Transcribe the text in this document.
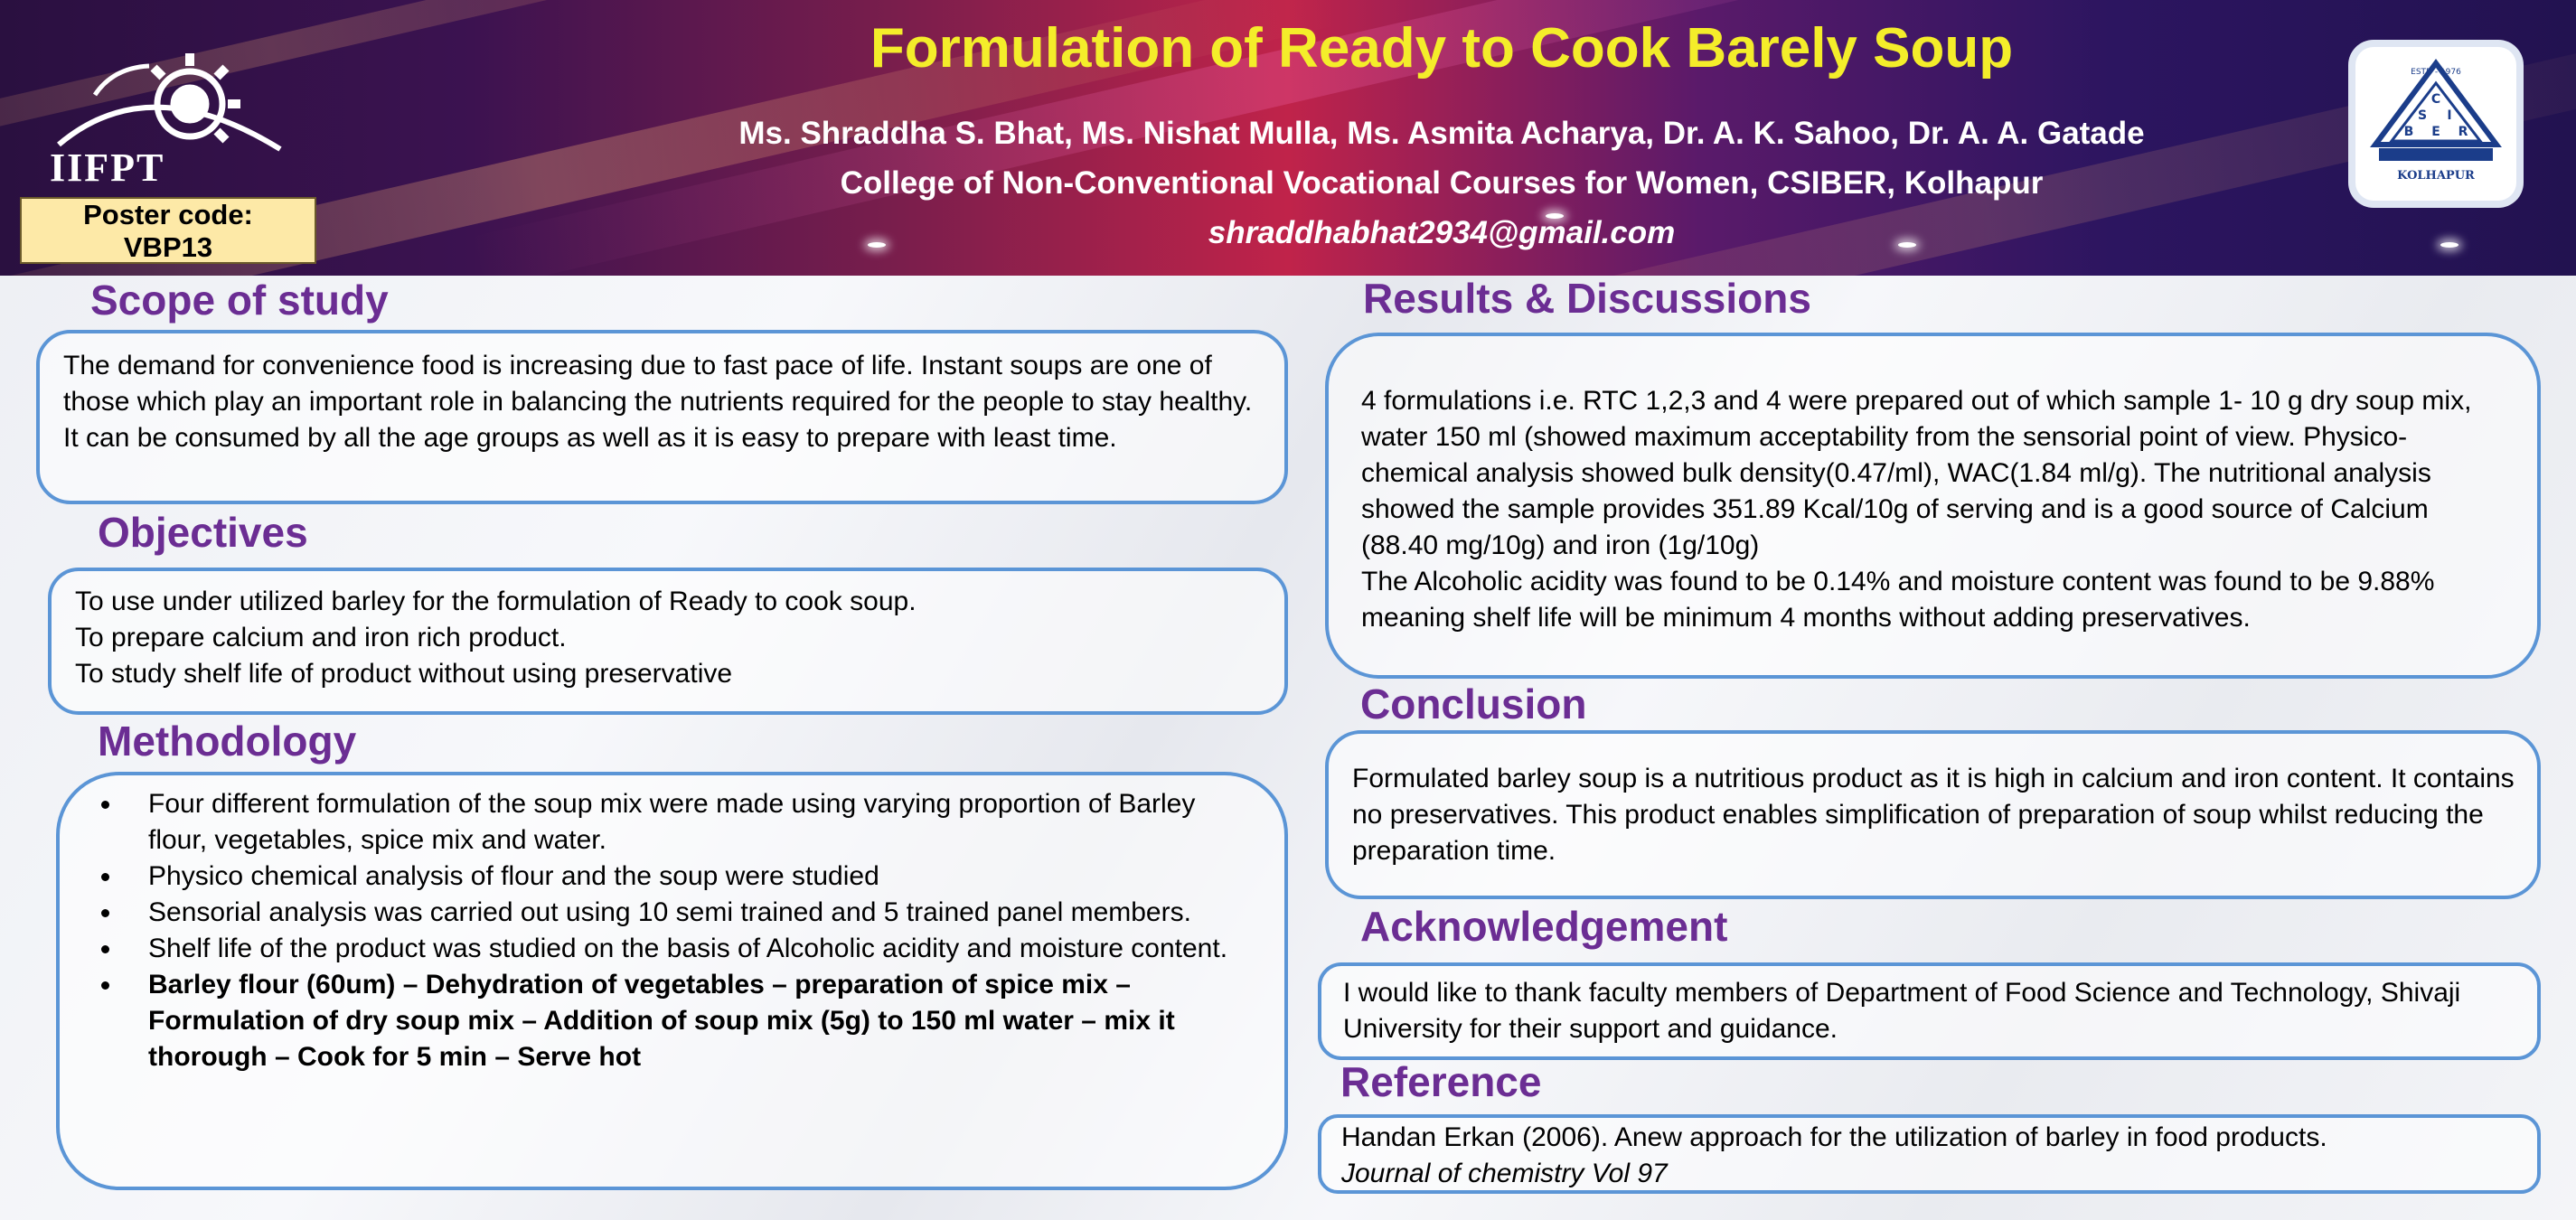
Formulation of Ready to Cook Barely Soup
Ms. Shraddha S. Bhat, Ms. Nishat Mulla, Ms. Asmita Acharya, Dr. A. K. Sahoo, Dr. A. A. Gatade
College of Non-Conventional Vocational Courses for Women, CSIBER, Kolhapur
shraddhabhat2934@gmail.com
IIFPT
Poster code:
VBP13
ESTD - 1976
C
S I
B E R
KOLHAPUR
Scope of study

The demand for convenience food is increasing due to fast pace of life. Instant soups are one of those which play an important role in balancing the nutrients required for the people to stay healthy. It can be consumed by all the age groups as well as it is easy to prepare with least time.

Objectives

To use under utilized barley for the formulation of Ready to cook soup.

To prepare calcium and iron rich product.

To study shelf life of product without using preservative

Methodology
• Four different formulation of the soup mix were made using varying proportion of Barley flour, vegetables, spice mix and water.
• Physico chemical analysis of flour and the soup were studied
• Sensorial analysis was carried out using 10 semi trained and 5 trained panel members.
• Shelf life of the product was studied on the basis of Alcoholic acidity and moisture content.
• Barley flour (60um) – Dehydration of vegetables – preparation of spice mix – Formulation of dry soup mix – Addition of soup mix (5g) to 150 ml water – mix it thorough – Cook for 5 min – Serve hot
Results & Discussions

4 formulations i.e. RTC 1,2,3 and 4 were prepared out of which sample 1- 10 g dry soup mix, water 150 ml (showed maximum acceptability from the sensorial point of view. Physico-chemical analysis showed bulk density(0.47/ml), WAC(1.84 ml/g). The nutritional analysis showed the sample provides 351.89 Kcal/10g of serving and is a good source of Calcium (88.40 mg/10g) and iron (1g/10g)

The Alcoholic acidity was found to be 0.14% and moisture content was found to be 9.88% meaning shelf life will be minimum 4 months without adding preservatives.

Conclusion

Formulated barley soup is a nutritious product as it is high in calcium and iron content. It contains no preservatives. This product enables simplification of preparation of soup whilst reducing the preparation time.

Acknowledgement

I would like to thank faculty members of Department of Food Science and Technology, Shivaji University for their support and guidance.

Reference

Handan Erkan (2006). Anew approach for the utilization of barley in food products.

Journal of chemistry Vol 97
